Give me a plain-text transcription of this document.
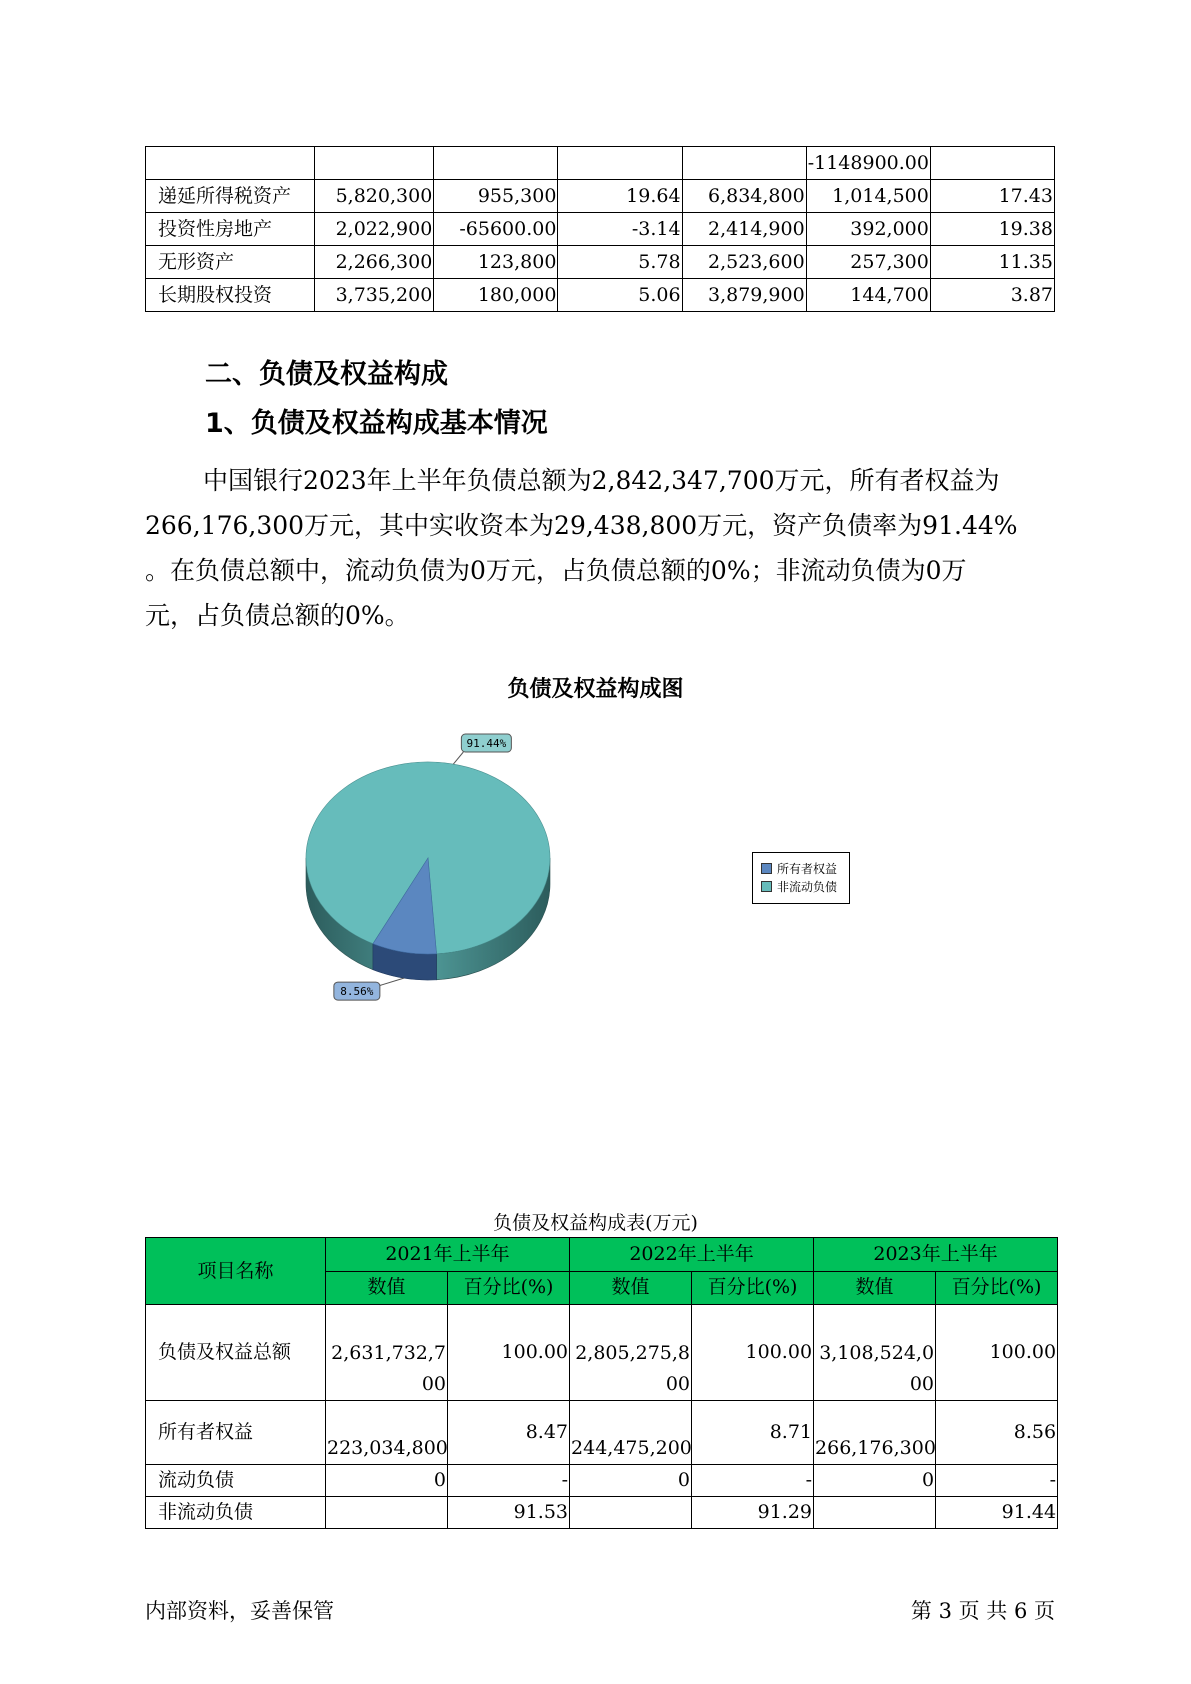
					-1148900.00	
递延所得税资产	5,820,300	955,300	19.64	6,834,800	1,014,500	17.43
投资性房地产	2,022,900	-65600.00	-3.14	2,414,900	392,000	19.38
无形资产	2,266,300	123,800	5.78	2,523,600	257,300	11.35
长期股权投资	3,735,200	180,000	5.06	3,879,900	144,700	3.87
二、负债及权益构成
1、负债及权益构成基本情况

中国银行2023年上半年负债总额为2,842,347,700万元，所有者权益为
266,176,300万元，其中实收资本为29,438,800万元，资产负债率为91.44%
。在负债总额中，流动负债为0万元，占负债总额的0%；非流动负债为0万
元，占负债总额的0%。

负债及权益构成图
91.44%
8.56%
所有者权益
非流动负债

负债及权益构成表(万元)

项目名称	2021年上半年		2022年上半年		2023年上半年	
	数值	百分比(%)	数值	百分比(%)	数值	百分比(%)
负债及权益总额	2,631,732,700	100.00	2,805,275,800	100.00	3,108,524,000	100.00
所有者权益	223,034,800	8.47	244,475,200	8.71	266,176,300	8.56
流动负债	0	-	0	-	0	-
非流动负债		91.53		91.29		91.44

内部资料，妥善保管	第 3 页 共 6 页
